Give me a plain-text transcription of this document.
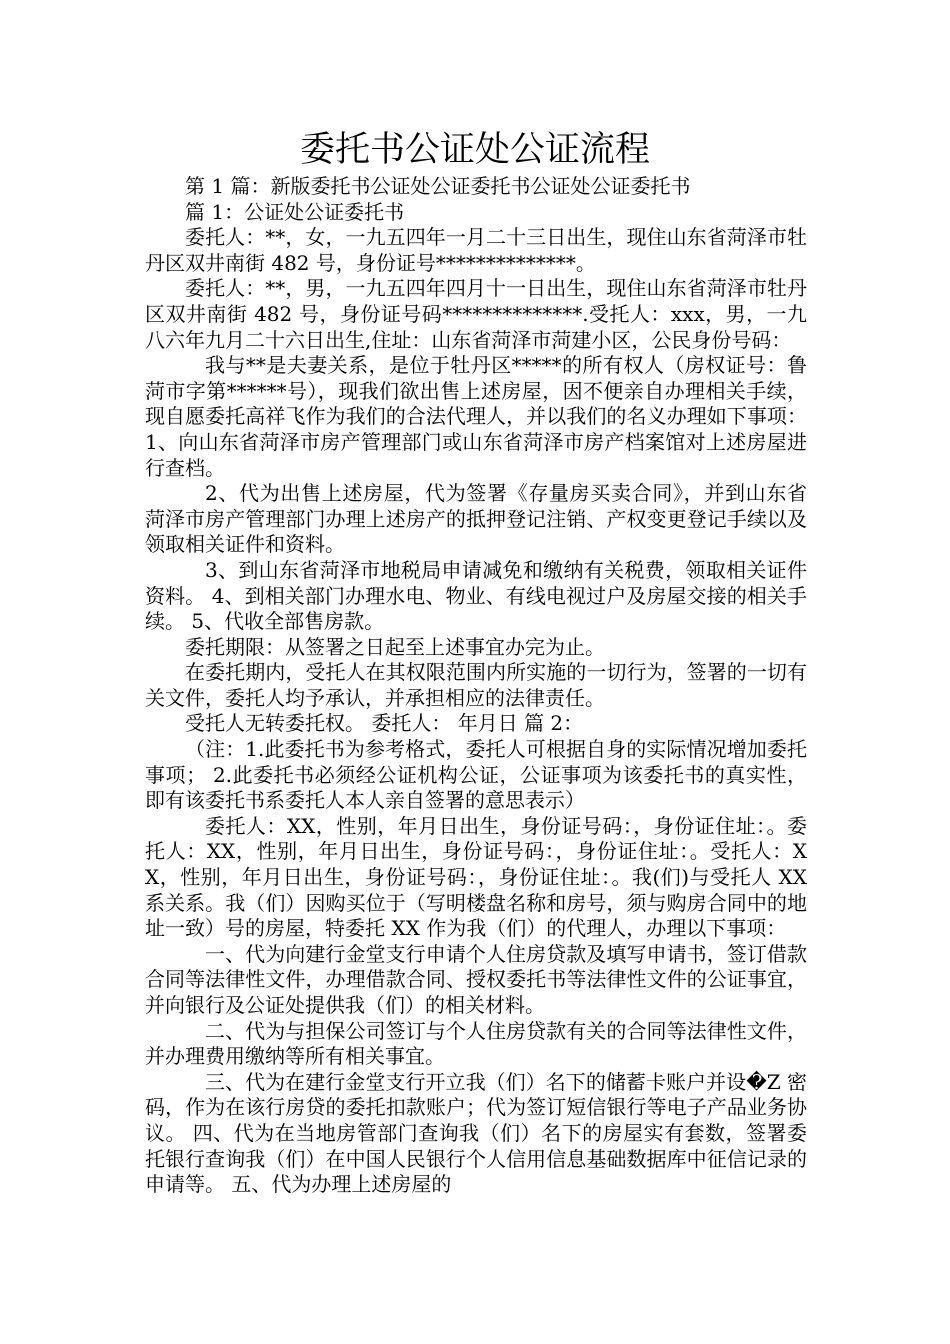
委托书公证处公证流程

第 1 篇：新版委托书公证处公证委托书公证处公证委托书

篇 1：公证处公证委托书

委托人：**，女，一九五四年一月二十三日出生，现住山东省菏泽市牡丹区双井南街 482 号，身份证号**************。

委托人：**，男，一九五四年四月十一日出生，现住山东省菏泽市牡丹区双井南街 482 号，身份证号码**************.受托人：xxx，男，一九八六年九月二十六日出生,住址：山东省菏泽市菏建小区，公民身份号码：

我与**是夫妻关系，是位于牡丹区*****的所有权人（房权证号：鲁菏市字第******号），现我们欲出售上述房屋，因不便亲自办理相关手续，现自愿委托高祥飞作为我们的合法代理人，并以我们的名义办理如下事项：1、向山东省菏泽市房产管理部门或山东省菏泽市房产档案馆对上述房屋进行查档。

2、代为出售上述房屋，代为签署《存量房买卖合同》，并到山东省菏泽市房产管理部门办理上述房产的抵押登记注销、产权变更登记手续以及领取相关证件和资料。

3、到山东省菏泽市地税局申请减免和缴纳有关税费，领取相关证件资料。 4、到相关部门办理水电、物业、有线电视过户及房屋交接的相关手续。 5、代收全部售房款。

委托期限：从签署之日起至上述事宜办完为止。

在委托期内，受托人在其权限范围内所实施的一切行为，签署的一切有关文件，委托人均予承认，并承担相应的法律责任。

受托人无转委托权。 委托人： 年月日 篇 2：

（注：1.此委托书为参考格式，委托人可根据自身的实际情况增加委托事项； 2.此委托书必须经公证机构公证，公证事项为该委托书的真实性，即有该委托书系委托人本人亲自签署的意思表示）

委托人：XX，性别，年月日出生，身份证号码：，身份证住址：。委托人：XX，性别，年月日出生，身份证号码：，身份证住址：。受托人：XX，性别，年月日出生，身份证号码：，身份证住址：。我(们)与受托人 XX 系关系。我（们）因购买位于（写明楼盘名称和房号，须与购房合同中的地址一致）号的房屋，特委托 XX 作为我（们）的代理人，办理以下事项：

一、代为向建行金堂支行申请个人住房贷款及填写申请书，签订借款合同等法律性文件，办理借款合同、授权委托书等法律性文件的公证事宜，并向银行及公证处提供我（们）的相关材料。

二、代为与担保公司签订与个人住房贷款有关的合同等法律性文件，并办理费用缴纳等所有相关事宜。

三、代为在建行金堂支行开立我（们）名下的储蓄卡账户并设�Z 密码，作为在该行房贷的委托扣款账户；代为签订短信银行等电子产品业务协议。 四、代为在当地房管部门查询我（们）名下的房屋实有套数，签署委托银行查询我（们）在中国人民银行个人信用信息基础数据库中征信记录的申请等。 五、代为办理上述房屋的
